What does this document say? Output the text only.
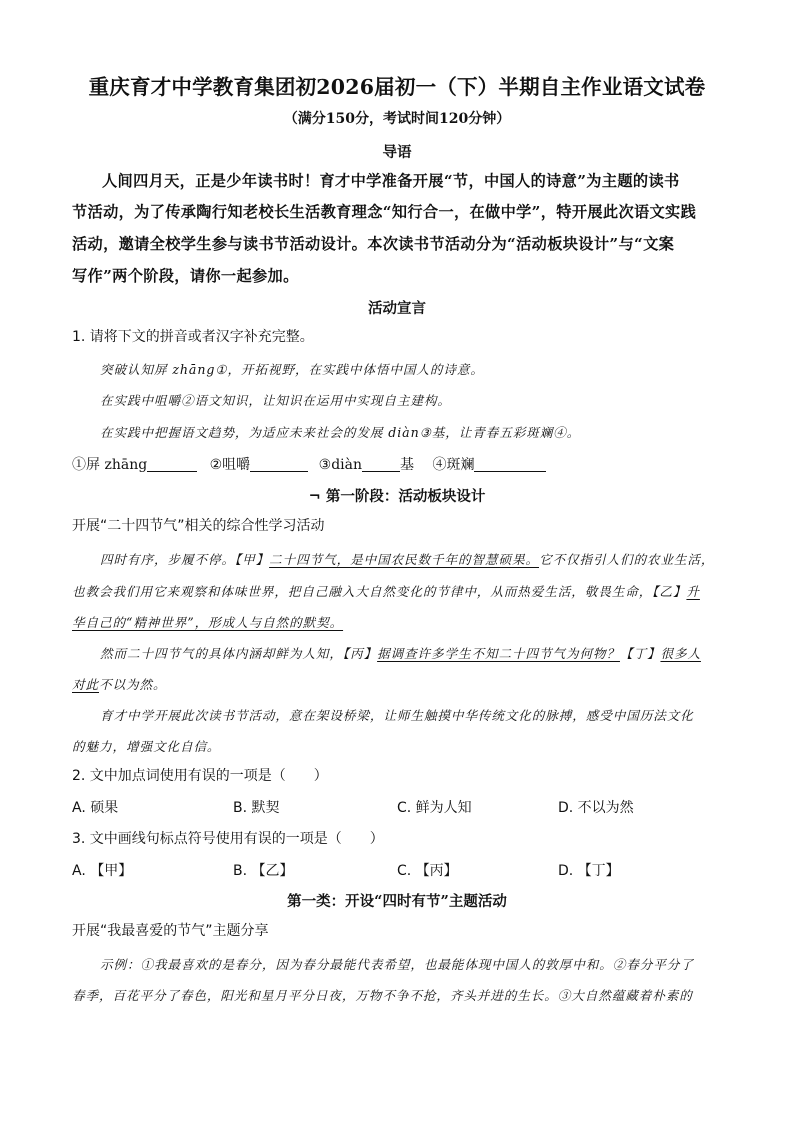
重庆育才中学教育集团初2026届初一（下）半期自主作业语文试卷
（满分150分，考试时间120分钟）
导语
人间四月天，正是少年读书时！育才中学准备开展“节，中国人的诗意”为主题的读书
节活动，为了传承陶行知老校长生活教育理念“知行合一，在做中学”，特开展此次语文实践
活动，邀请全校学生参与读书节活动设计。本次读书节活动分为“活动板块设计”与“文案
写作”两个阶段，请你一起参加。
活动宣言
1. 请将下文的拼音或者汉字补充完整。
突破认知屏 zhāng①，开拓视野，在实践中体悟中国人的诗意。
在实践中咀嚼②语文知识，让知识在运用中实现自主建构。
在实践中把握语文趋势，为适应未来社会的发展 diàn③基，让青春五彩斑斓④。
①屏 zhāng	②咀嚼	③diàn	基 ④斑斓
¬ 第一阶段：活动板块设计
开展“二十四节气”相关的综合性学习活动
四时有序，步履不停。【甲】二十四节气，是中国农民数千年的智慧硕果。它不仅指引人们的农业生活，
也教会我们用它来观察和体味世界，把自己融入大自然变化的节律中，从而热爱生活，敬畏生命，【乙】升
华自己的“精神世界”，形成人与自然的默契。
然而二十四节气的具体内涵却鲜为人知，【丙】据调查许多学生不知二十四节气为何物？【丁】很多人
对此不以为然。
育才中学开展此次读书节活动，意在架设桥梁，让师生触摸中华传统文化的脉搏，感受中国历法文化
的魅力，增强文化自信。
2. 文中加点词使用有误的一项是（　　）
A. 硕果	B. 默契	C. 鲜为人知	D. 不以为然
3. 文中画线句标点符号使用有误的一项是（　　）
A. 【甲】	B. 【乙】	C. 【丙】	D. 【丁】
第一类：开设“四时有节”主题活动
开展“我最喜爱的节气”主题分享
示例：①我最喜欢的是春分，因为春分最能代表希望，也最能体现中国人的敦厚中和。②春分平分了
春季，百花平分了春色，阳光和星月平分日夜，万物不争不抢，齐头并进的生长。③大自然蕴藏着朴素的
